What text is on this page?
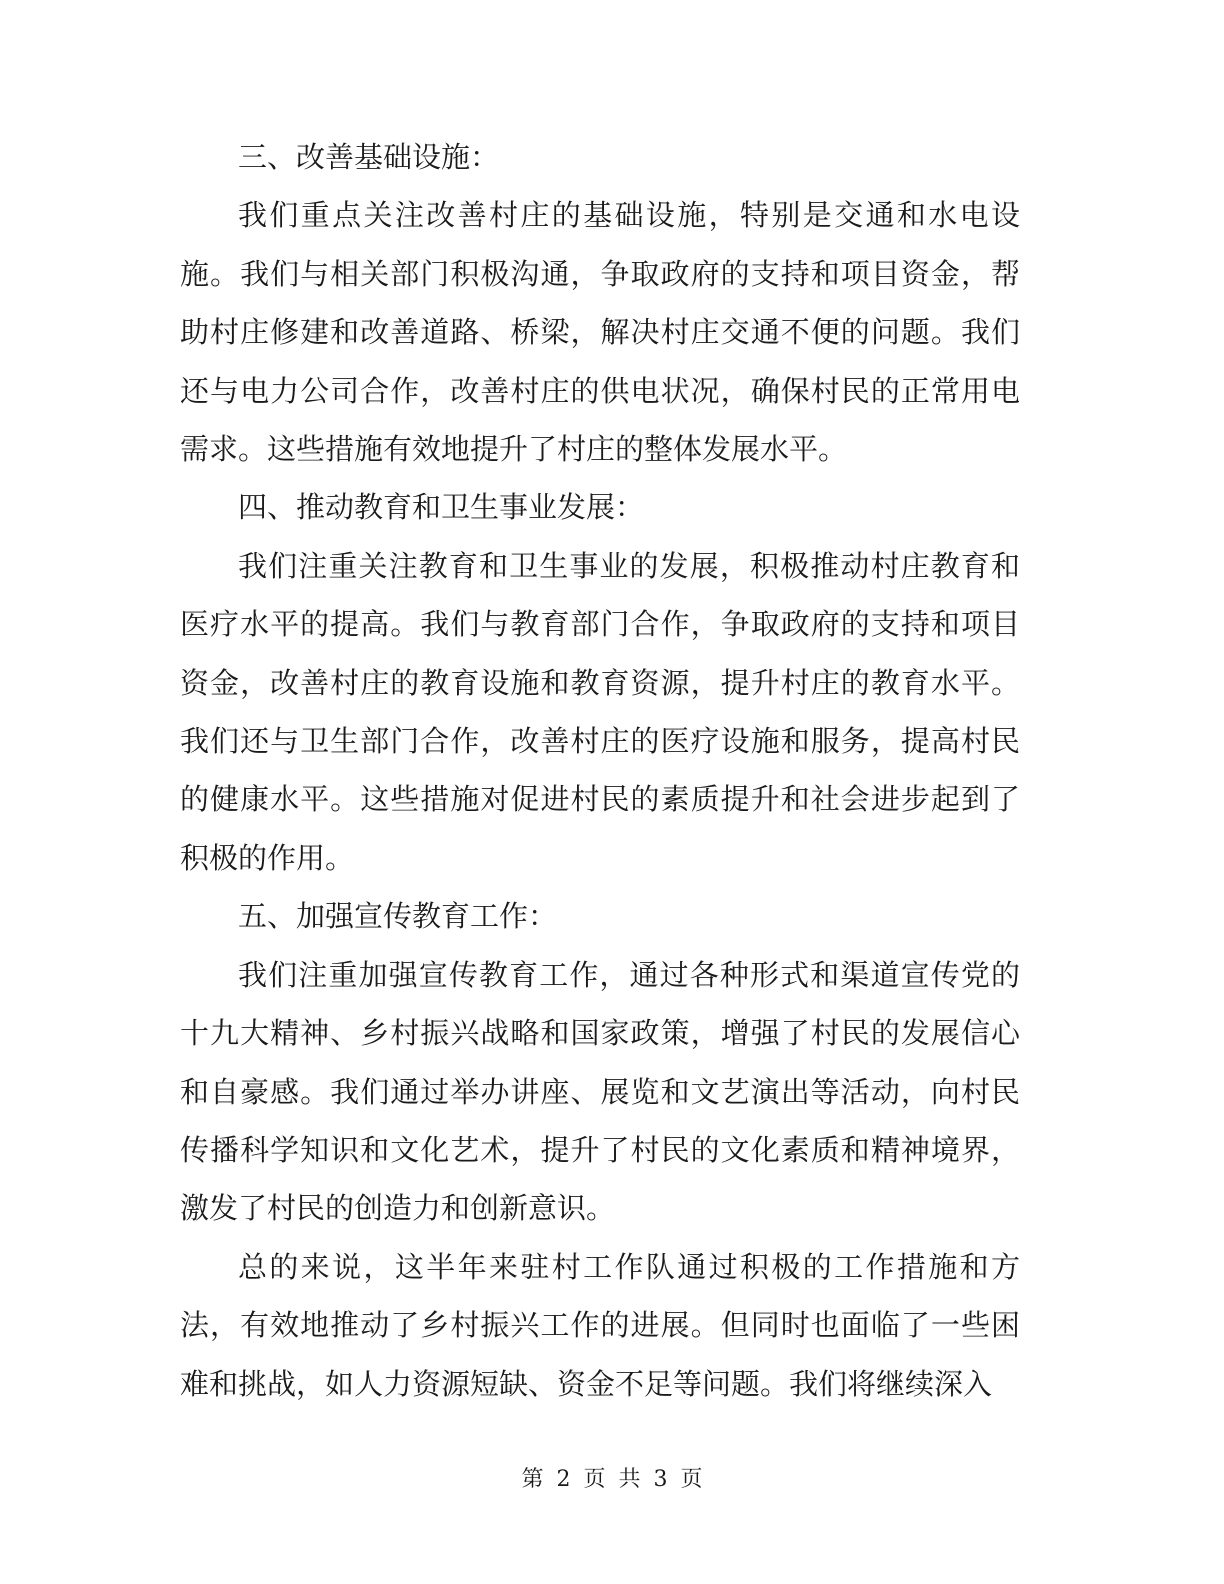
三、改善基础设施：

我们重点关注改善村庄的基础设施，特别是交通和水电设施。我们与相关部门积极沟通，争取政府的支持和项目资金，帮助村庄修建和改善道路、桥梁，解决村庄交通不便的问题。我们还与电力公司合作，改善村庄的供电状况，确保村民的正常用电需求。这些措施有效地提升了村庄的整体发展水平。

四、推动教育和卫生事业发展：

我们注重关注教育和卫生事业的发展，积极推动村庄教育和医疗水平的提高。我们与教育部门合作，争取政府的支持和项目资金，改善村庄的教育设施和教育资源，提升村庄的教育水平。我们还与卫生部门合作，改善村庄的医疗设施和服务，提高村民的健康水平。这些措施对促进村民的素质提升和社会进步起到了积极的作用。

五、加强宣传教育工作：

我们注重加强宣传教育工作，通过各种形式和渠道宣传党的十九大精神、乡村振兴战略和国家政策，增强了村民的发展信心和自豪感。我们通过举办讲座、展览和文艺演出等活动，向村民传播科学知识和文化艺术，提升了村民的文化素质和精神境界，激发了村民的创造力和创新意识。

总的来说，这半年来驻村工作队通过积极的工作措施和方法，有效地推动了乡村振兴工作的进展。但同时也面临了一些困难和挑战，如人力资源短缺、资金不足等问题。我们将继续深入

第 2 页 共 3 页
